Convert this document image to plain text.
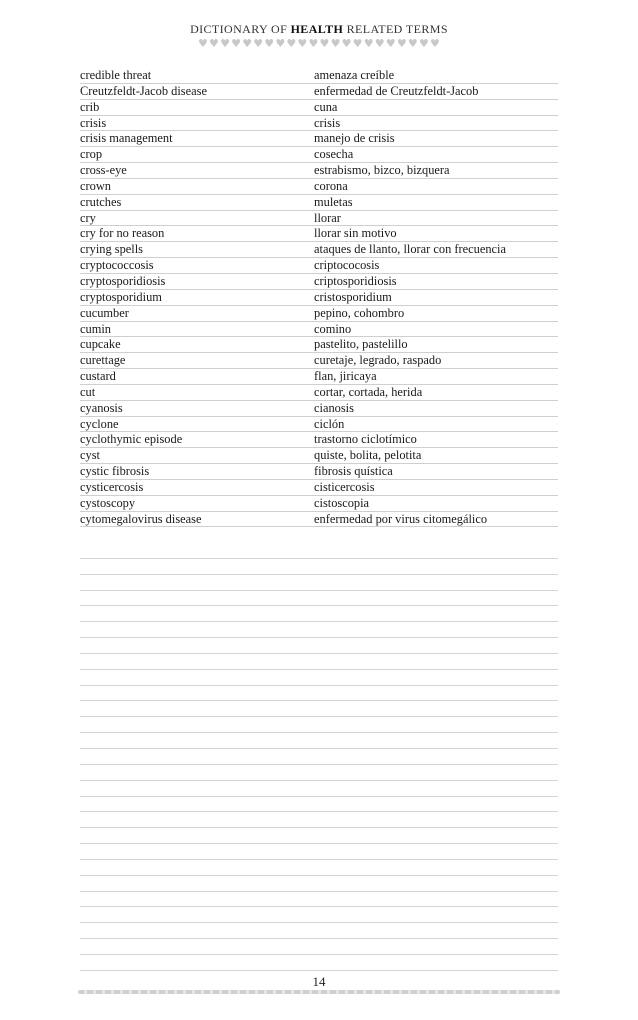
DICTIONARY OF HEALTH RELATED TERMS
♥ ♥ ♥ ♥ ♥ ♥ ♥ ♥ ♥ ♥ ♥ ♥ ♥ ♥ ♥ ♥ ♥ ♥ ♥ ♥ ♥ ♥
credible threat	amenaza creíble
Creutzfeldt-Jacob disease	enfermedad de Creutzfeldt-Jacob
crib	cuna
crisis	crisis
crisis management	manejo de crisis
crop	cosecha
cross-eye	estrabismo, bizco, bizquera
crown	corona
crutches	muletas
cry	llorar
cry for no reason	llorar sin motivo
crying spells	ataques de llanto, llorar con frecuencia
cryptococcosis	criptococosis
cryptosporidiosis	criptosporidiosis
cryptosporidium	cristosporidium
cucumber	pepino, cohombro
cumin	comino
cupcake	pastelito, pastelillo
curettage	curetaje, legrado, raspado
custard	flan, jiricaya
cut	cortar, cortada, herida
cyanosis	cianosis
cyclone	ciclón
cyclothymic episode	trastorno ciclotímico
cyst	quiste, bolita, pelotita
cystic fibrosis	fibrosis quística
cysticercosis	cisticercosis
cystoscopy	cistoscopia
cytomegalovirus disease	enfermedad por virus citomegálico
14
